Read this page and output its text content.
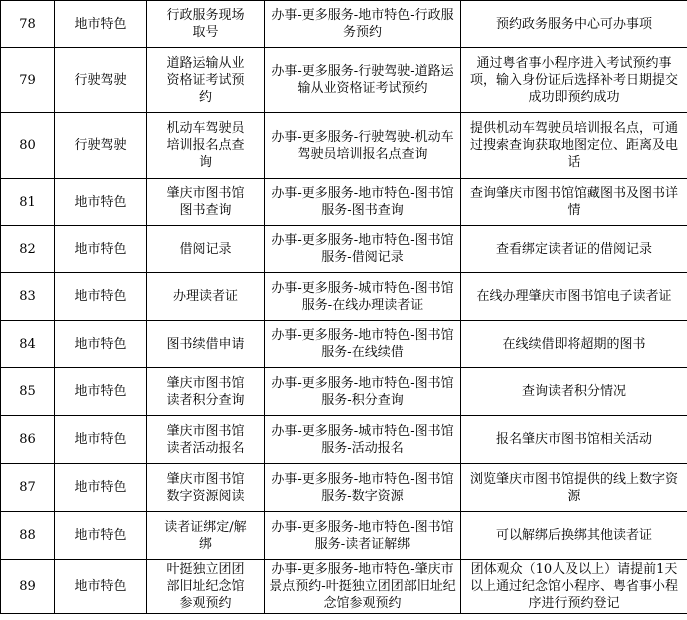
78	地市特色	行政服务现场取号	办事-更多服务-地市特色-行政服务预约	预约政务服务中心可办事项
79	行驶驾驶	道路运输从业资格证考试预约	办事-更多服务-行驶驾驶-道路运输从业资格证考试预约	通过粤省事小程序进入考试预约事项，输入身份证后选择补考日期提交成功即预约成功
80	行驶驾驶	机动车驾驶员培训报名点查询	办事-更多服务-行驶驾驶-机动车驾驶员培训报名点查询	提供机动车驾驶员培训报名点，可通过搜索查询获取地图定位、距离及电话
81	地市特色	肇庆市图书馆图书查询	办事-更多服务-地市特色-图书馆服务-图书查询	查询肇庆市图书馆馆藏图书及图书详情
82	地市特色	借阅记录	办事-更多服务-地市特色-图书馆服务-借阅记录	查看绑定读者证的借阅记录
83	地市特色	办理读者证	办事-更多服务-城市特色-图书馆服务-在线办理读者证	在线办理肇庆市图书馆电子读者证
84	地市特色	图书续借申请	办事-更多服务-地市特色-图书馆服务-在线续借	在线续借即将超期的图书
85	地市特色	肇庆市图书馆读者积分查询	办事-更多服务-地市特色-图书馆服务-积分查询	查询读者积分情况
86	地市特色	肇庆市图书馆读者活动报名	办事-更多服务-城市特色-图书馆服务-活动报名	报名肇庆市图书馆相关活动
87	地市特色	肇庆市图书馆数字资源阅读	办事-更多服务-地市特色-图书馆服务-数字资源	浏览肇庆市图书馆提供的线上数字资源
88	地市特色	读者证绑定/解绑	办事-更多服务-地市特色-图书馆服务-读者证解绑	可以解绑后换绑其他读者证
89	地市特色	叶挺独立团团部旧址纪念馆参观预约	办事-更多服务-地市特色-肇庆市景点预约-叶挺独立团团部旧址纪念馆参观预约	团体观众（10人及以上）请提前1天以上通过纪念馆小程序、粤省事小程序进行预约登记
